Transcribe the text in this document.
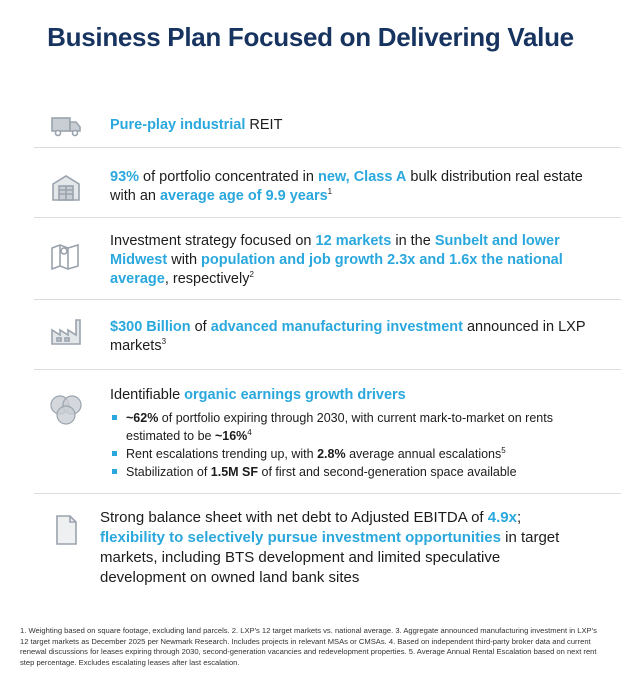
Business Plan Focused on Delivering Value
Pure-play industrial REIT
93% of portfolio concentrated in new, Class A bulk distribution real estate with an average age of 9.9 years$^1$
Investment strategy focused on 12 markets in the Sunbelt and lower Midwest with population and job growth 2.3x and 1.6x the national average, respectively$^2$
$300 Billion of advanced manufacturing investment announced in LXP markets$^3$
Identifiable organic earnings growth drivers
~62% of portfolio expiring through 2030, with current mark-to-market on rents estimated to be ~16%$^4$
Rent escalations trending up, with 2.8% average annual escalations$^5$
Stabilization of 1.5M SF of first and second-generation space available
Strong balance sheet with net debt to Adjusted EBITDA of 4.9x; flexibility to selectively pursue investment opportunities in target markets, including BTS development and limited speculative development on owned land bank sites
1. Weighting based on square footage, excluding land parcels. 2. LXP's 12 target markets vs. national average. 3. Aggregate announced manufacturing investment in LXP's 12 target markets as December 2025 per Newmark Research. Includes projects in relevant MSAs or CMSAs. 4. Based on independent third-party broker data and current renewal discussions for leases expiring through 2030, second-generation vacancies and redevelopment properties. 5. Average Annual Rental Escalation based on next rent step percentage. Excludes escalating leases after last escalation.
